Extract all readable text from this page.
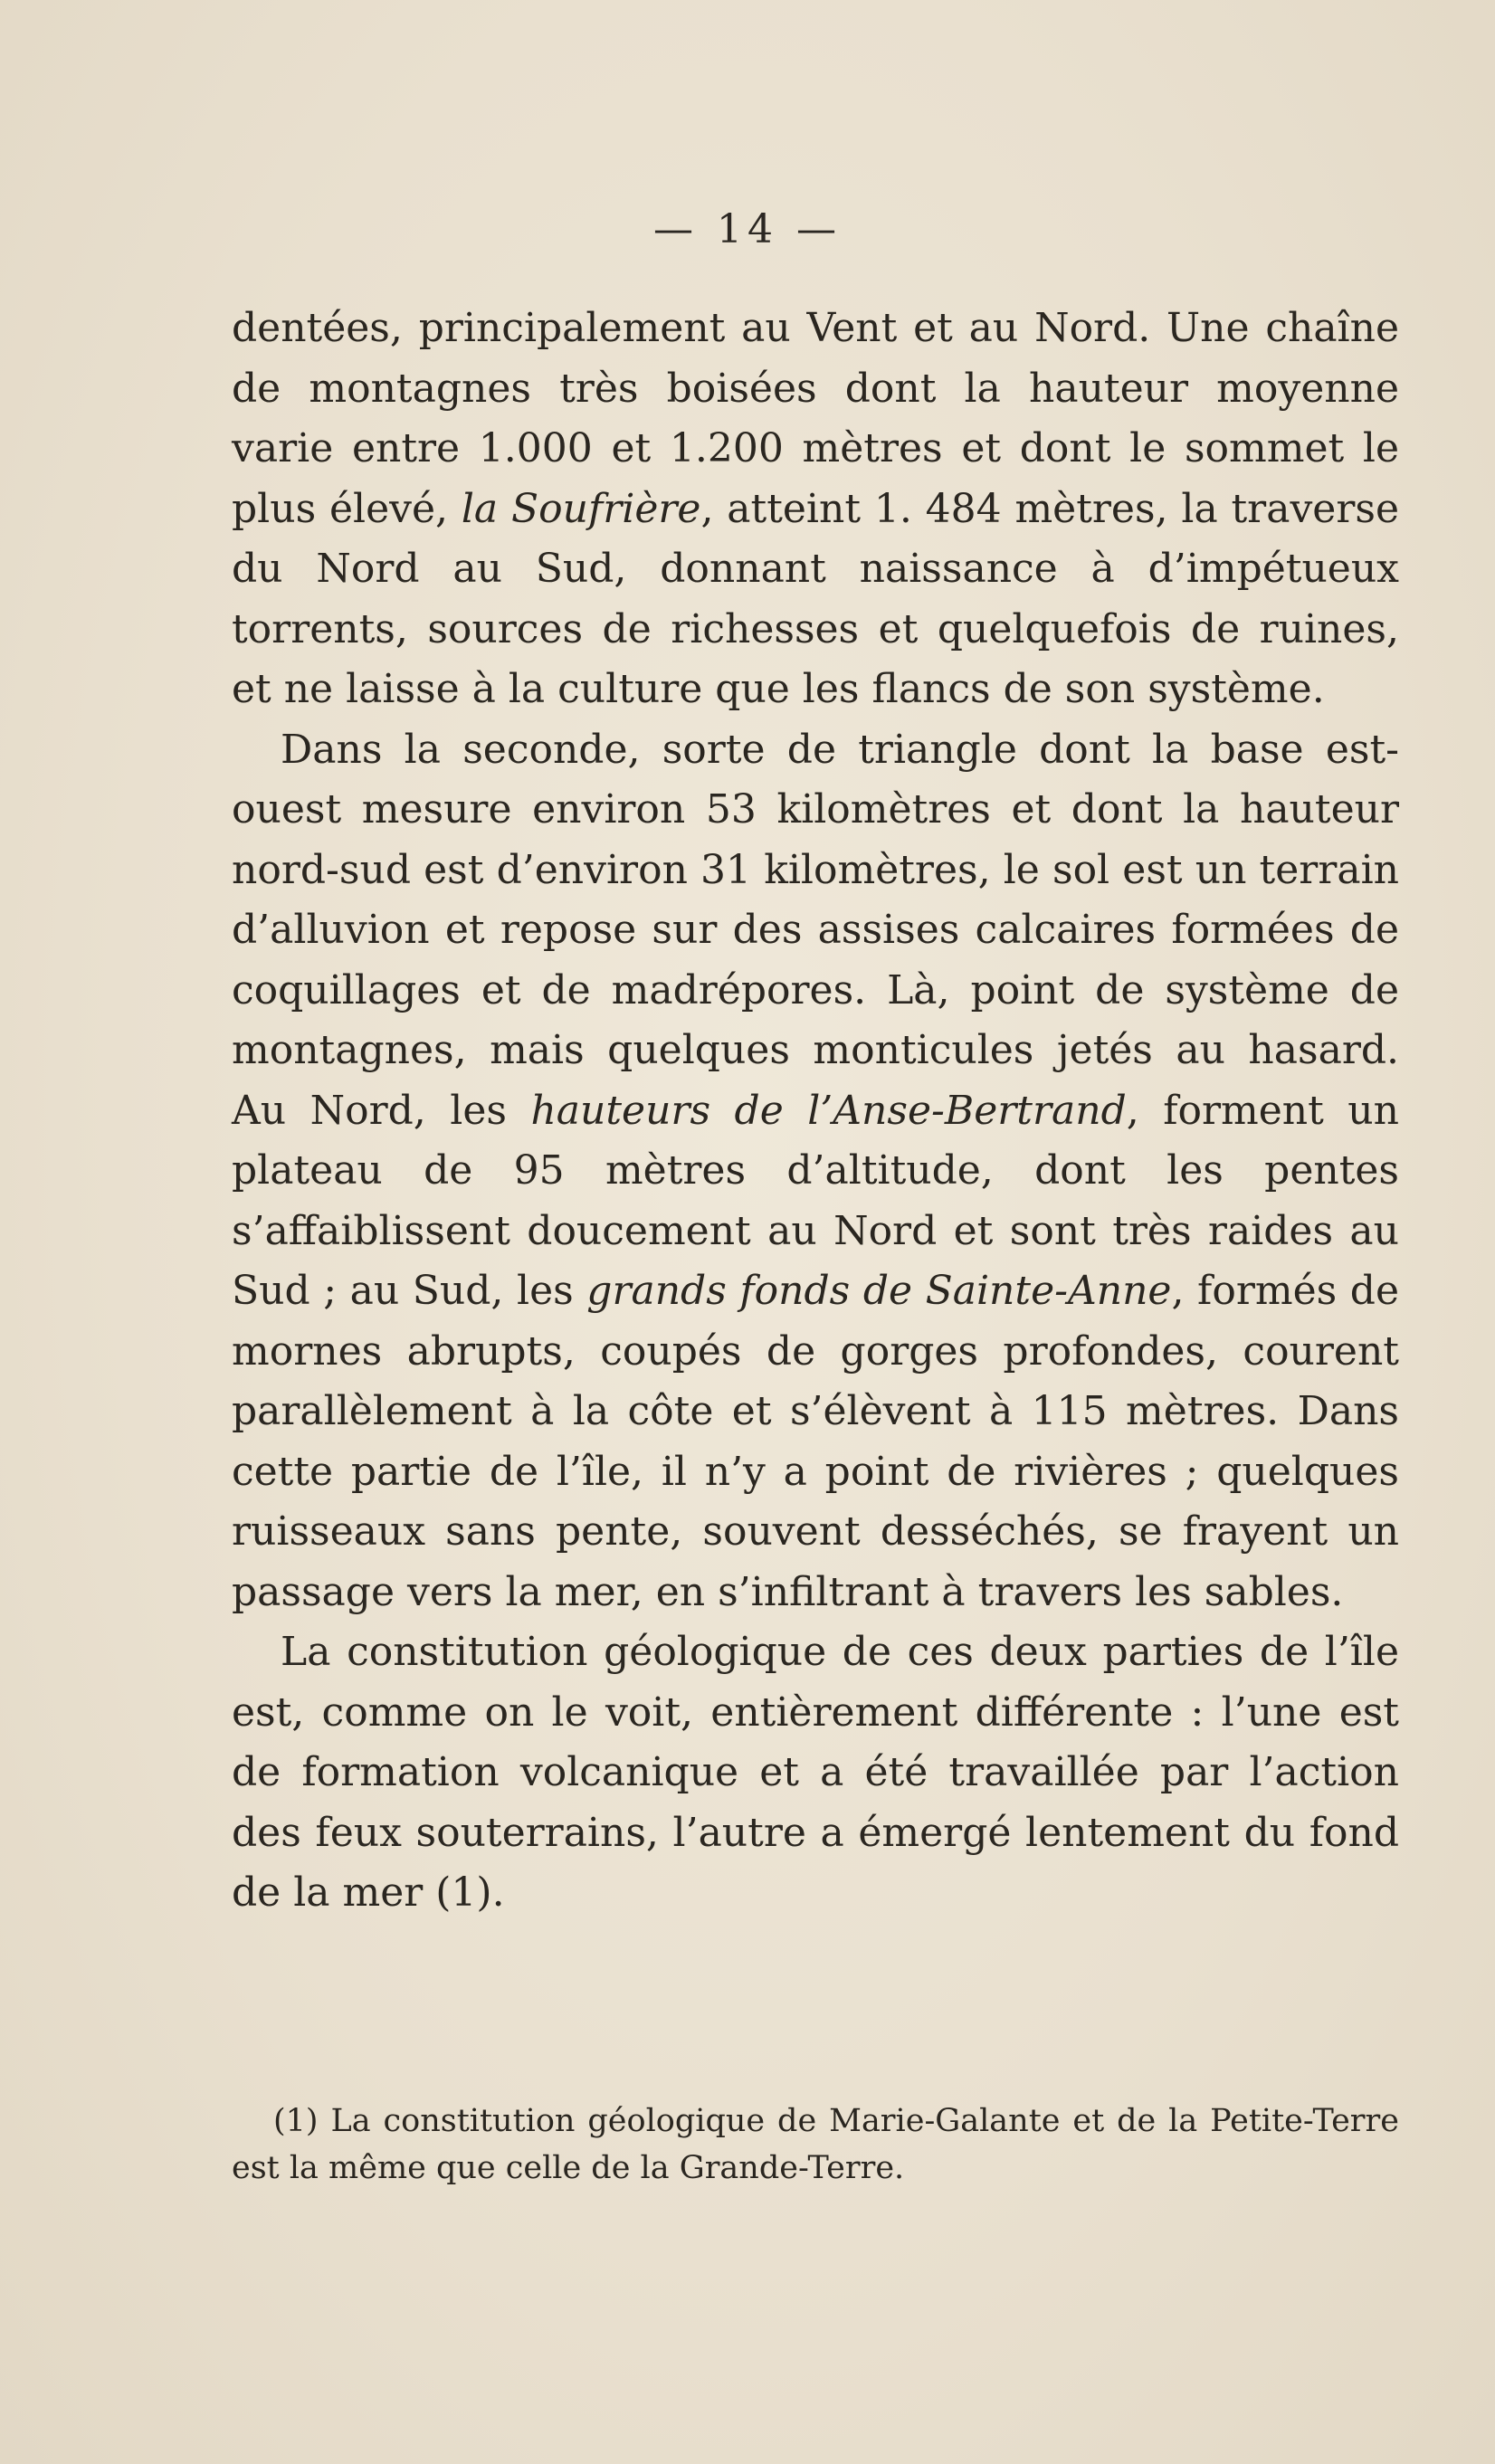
— 14 —

dentées, principalement au Vent et au Nord. Une chaîne de montagnes très boisées dont la hauteur moyenne varie entre 1.000 et 1.200 mètres et dont le sommet le plus élevé, la Soufrière, atteint 1. 484 mètres, la traverse du Nord au Sud, donnant naissance à d’impétueux torrents, sources de richesses et quelquefois de ruines, et ne laisse à la culture que les flancs de son système.

Dans la seconde, sorte de triangle dont la base est-ouest mesure environ 53 kilomètres et dont la hauteur nord-sud est d’environ 31 kilomètres, le sol est un terrain d’alluvion et repose sur des assises calcaires formées de coquillages et de madrépores. Là, point de système de montagnes, mais quelques monticules jetés au hasard. Au Nord, les hauteurs de l’Anse-Bertrand, forment un plateau de 95 mètres d’altitude, dont les pentes s’affaiblissent doucement au Nord et sont très raides au Sud ; au Sud, les grands fonds de Sainte-Anne, formés de mornes abrupts, coupés de gorges profondes, courent parallèlement à la côte et s’élèvent à 115 mètres. Dans cette partie de l’île, il n’y a point de rivières ; quelques ruisseaux sans pente, souvent desséchés, se frayent un passage vers la mer, en s’infiltrant à travers les sables.

La constitution géologique de ces deux parties de l’île est, comme on le voit, entièrement différente : l’une est de formation volcanique et a été travaillée par l’action des feux souterrains, l’autre a émergé lentement du fond de la mer (1).

(1) La constitution géologique de Marie-Galante et de la Petite-Terre est la même que celle de la Grande-Terre.
